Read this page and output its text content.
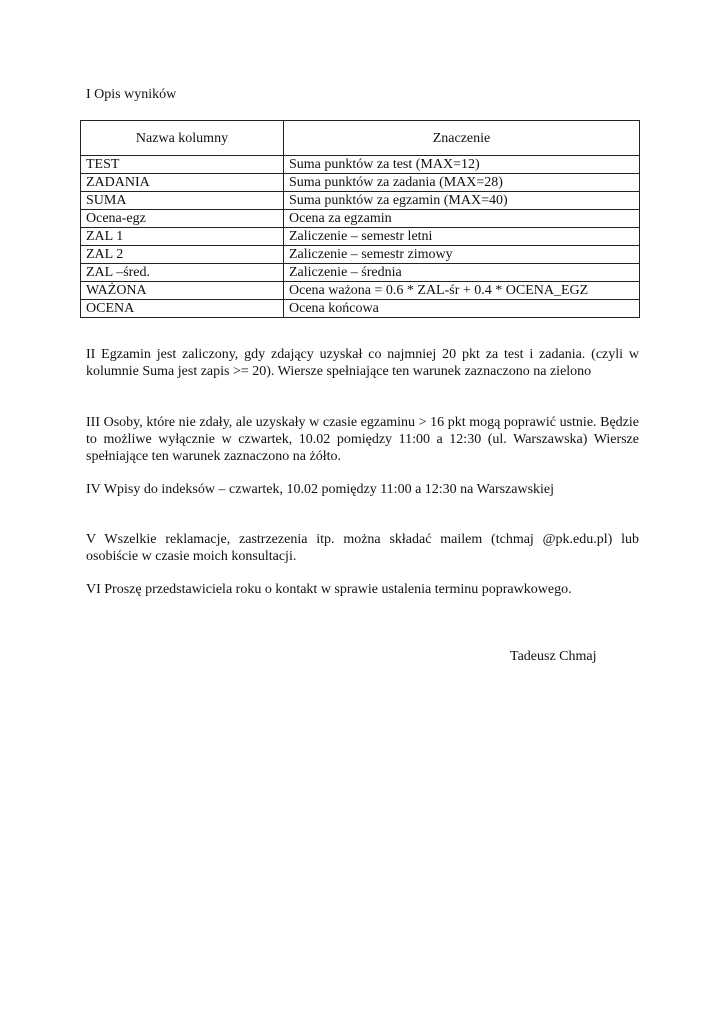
I Opis wyników
Nazwa kolumny	Znaczenie
TEST	Suma punktów za test (MAX=12)
ZADANIA	Suma punktów za zadania (MAX=28)
SUMA	Suma punktów za egzamin (MAX=40)
Ocena-egz	Ocena za egzamin
ZAL 1	Zaliczenie – semestr letni
ZAL 2	Zaliczenie – semestr zimowy
ZAL –śred.	Zaliczenie – średnia
WAŻONA	Ocena ważona = 0.6 * ZAL-śr + 0.4 * OCENA_EGZ
OCENA	Ocena końcowa
II Egzamin jest zaliczony, gdy zdający uzyskał co najmniej 20 pkt za test i zadania. (czyli w kolumnie Suma jest zapis >= 20). Wiersze spełniające ten warunek zaznaczono na zielono
III Osoby, które nie zdały, ale uzyskały w czasie egzaminu > 16 pkt mogą poprawić ustnie. Będzie to możliwe wyłącznie w czwartek, 10.02 pomiędzy 11:00 a 12:30 (ul. Warszawska) Wiersze spełniające ten warunek zaznaczono na żółto.
IV Wpisy do indeksów – czwartek, 10.02 pomiędzy 11:00 a 12:30 na Warszawskiej
V Wszelkie reklamacje, zastrzezenia itp. można składać mailem (tchmaj @pk.edu.pl) lub osobiście w czasie moich konsultacji.
VI Proszę przedstawiciela roku o kontakt w sprawie ustalenia terminu poprawkowego.
Tadeusz Chmaj
